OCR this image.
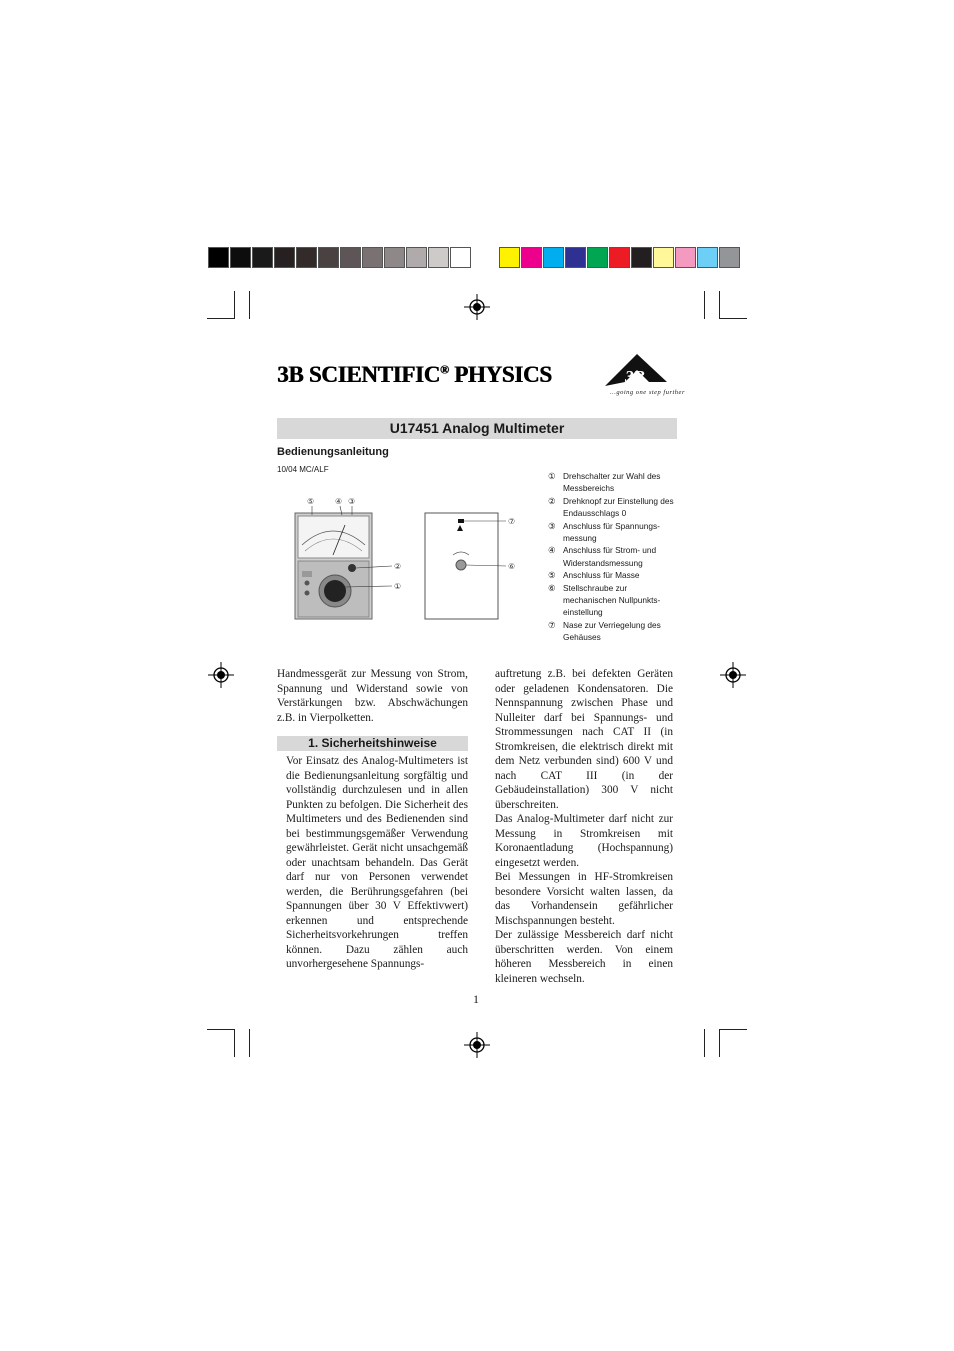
3B SCIENTIFIC® PHYSICS	3B
...going one step further
U17451 Analog Multimeter
Bedienungsanleitung
10/04 MC/ALF
⑤	④ ③
②
①
⑦
⑥
① Drehschalter zur Wahl des Messbereichs
② Drehknopf zur Einstellung des Endausschlags 0
③ Anschluss für Spannungs-messung
④ Anschluss für Strom- und Widerstandsmessung
⑤ Anschluss für Masse
⑥ Stellschraube zur mechanischen Nullpunkts-einstellung
⑦ Nase zur Verriegelung des Gehäuses
Handmessgerät zur Messung von Strom, Spannung und Widerstand sowie von Verstärkungen bzw. Abschwächungen z.B. in Vierpolketten.
1. Sicherheitshinweise
Vor Einsatz des Analog-Multimeters ist die Bedienungsanleitung sorgfältig und vollständig durchzulesen und in allen Punkten zu befolgen. Die Sicherheit des Multimeters und des Bedienenden sind bei bestimmungsgemäßer Verwendung gewährleistet. Gerät nicht unsachgemäß oder unachtsam behandeln. Das Gerät darf nur von Personen verwendet werden, die Berührungsgefahren (bei Spannungen über 30 V Effektivwert) erkennen und entsprechende Sicherheitsvorkehrungen treffen können. Dazu zählen auch unvorhergesehene Spannungs-
auftretung z.B. bei defekten Geräten oder geladenen Kondensatoren. Die Nennspannung zwischen Phase und Nulleiter darf bei Spannungs- und Strommessungen nach CAT II (in Stromkreisen, die elektrisch direkt mit dem Netz verbunden sind) 600 V und nach CAT III (in der Gebäudeinstallation) 300 V nicht überschreiten.
Das Analog-Multimeter darf nicht zur Messung in Stromkreisen mit Koronaentladung (Hochspannung) eingesetzt werden.
Bei Messungen in HF-Stromkreisen besondere Vorsicht walten lassen, da das Vorhandensein gefährlicher Mischspannungen besteht.
Der zulässige Messbereich darf nicht überschritten werden. Von einem höheren Messbereich in einen kleineren wechseln.
1
